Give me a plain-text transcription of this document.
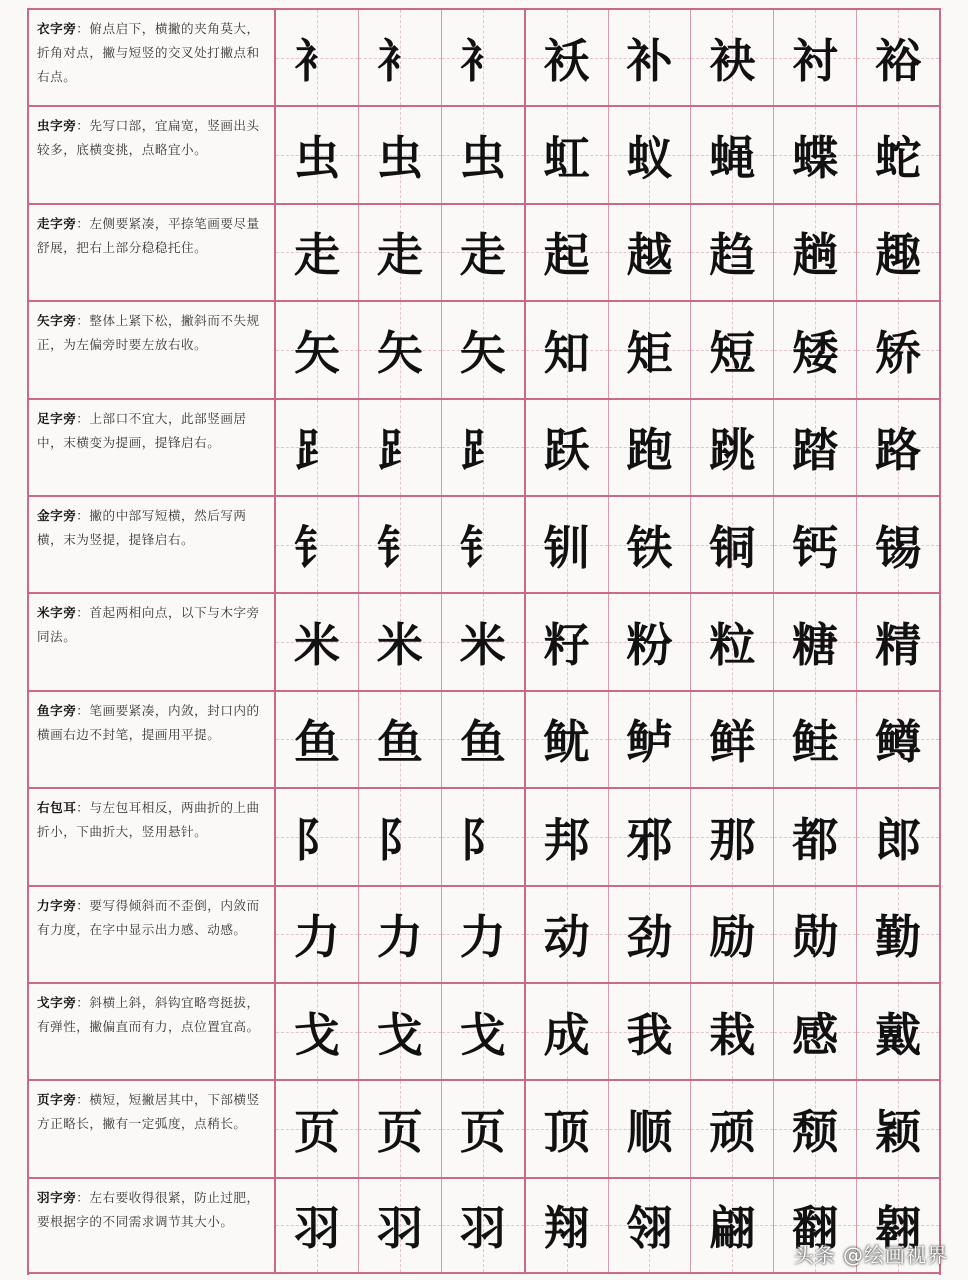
衣字旁：俯点启下，横撇的夹角莫大，折角对点，撇与短竖的交叉处打撇点和右点。	衤 衤 衤 袄 补 袂 衬 裕
虫字旁：先写口部，宜扁宽，竖画出头较多，底横变挑，点略宜小。	虫 虫 虫 虹 蚁 蝇 蝶 蛇
走字旁：左侧要紧凑，平捺笔画要尽量舒展，把右上部分稳稳托住。	走 走 走 起 越 趋 趟 趣
矢字旁：整体上紧下松，撇斜而不失规正，为左偏旁时要左放右收。	矢 矢 矢 知 矩 短 矮 矫
足字旁：上部口不宜大，此部竖画居中，末横变为提画，提锋启右。	⻊ ⻊ ⻊ 跃 跑 跳 踏 路
金字旁：撇的中部写短横，然后写两横，末为竖提，提锋启右。	钅 钅 钅 钏 铁 铜 钙 锡
米字旁：首起两相向点，以下与木字旁同法。	米 米 米 籽 粉 粒 糖 精
鱼字旁：笔画要紧凑，内敛，封口内的横画右边不封笔，提画用平提。	鱼 鱼 鱼 鱿 鲈 鲜 鲑 鳟
右包耳：与左包耳相反，两曲折的上曲折小，下曲折大，竖用悬针。	阝 阝 阝 邦 邪 那 都 郎
力字旁：要写得倾斜而不歪倒，内敛而有力度，在字中显示出力感、动感。	力 力 力 动 劲 励 勋 勤
戈字旁：斜横上斜，斜钩宜略弯挺拔，有弹性，撇偏直而有力，点位置宜高。 戈 戈 戈 成 我 栽 感 戴
页字旁：横短，短撇居其中，下部横竖方正略长，撇有一定弧度，点稍长。	页 页 页 顶 顺 顽 颓 颖
羽字旁：左右要收得很紧，防止过肥，要根据字的不同需求调节其大小。	羽 羽 羽 翔 翎 翩 翻 翱
头条 @绘画视界
